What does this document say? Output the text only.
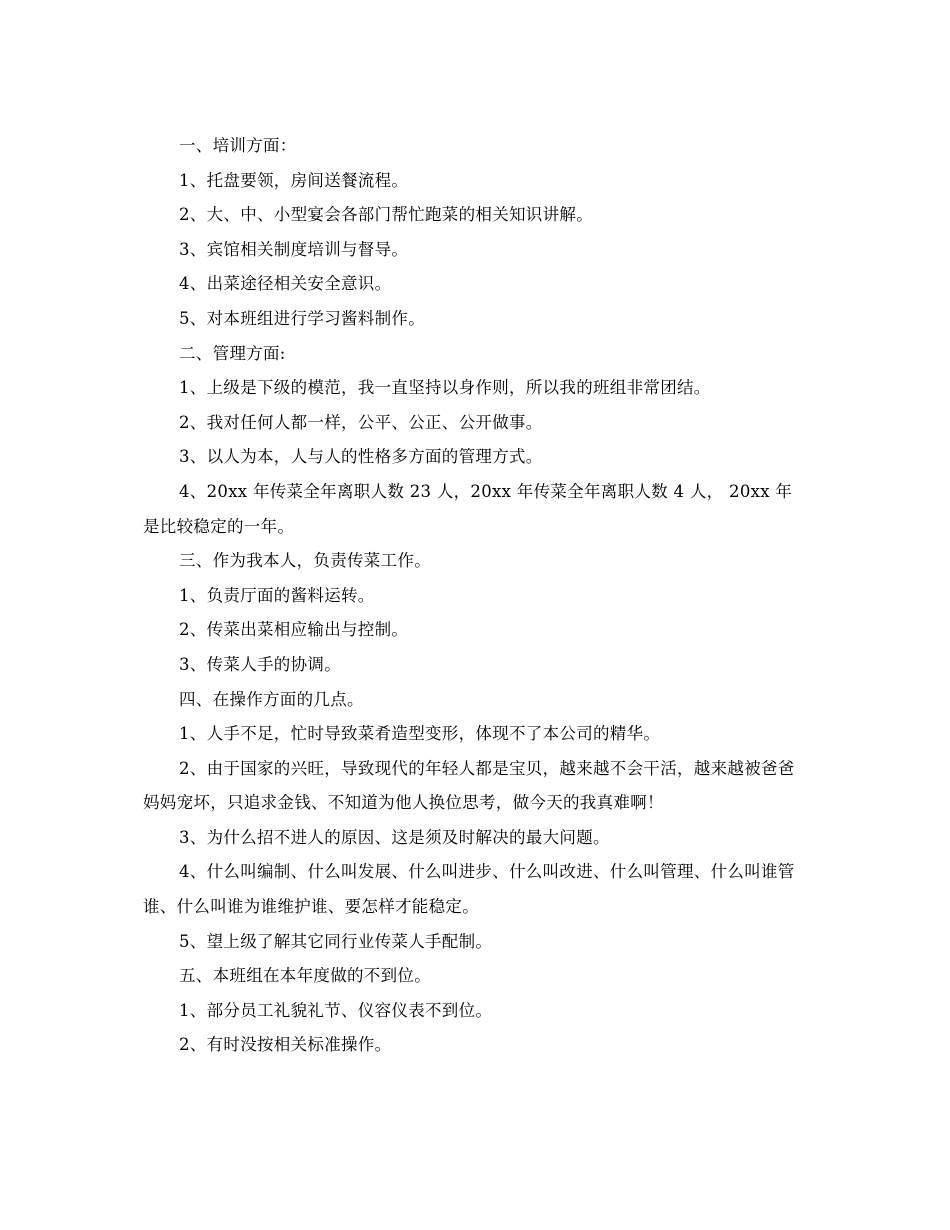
一、培训方面：

1、托盘要领，房间送餐流程。

2、大、中、小型宴会各部门帮忙跑菜的相关知识讲解。

3、宾馆相关制度培训与督导。

4、出菜途径相关安全意识。

5、对本班组进行学习酱料制作。

二、管理方面:

1、上级是下级的模范，我一直坚持以身作则，所以我的班组非常团结。

2、我对任何人都一样，公平、公正、公开做事。

3、以人为本，人与人的性格多方面的管理方式。

4、20xx 年传菜全年离职人数 23 人，20xx 年传菜全年离职人数 4 人， 20xx 年是比较稳定的一年。

三、作为我本人，负责传菜工作。

1、负责厅面的酱料运转。

2、传菜出菜相应输出与控制。

3、传菜人手的协调。

四、在操作方面的几点。

1、人手不足，忙时导致菜肴造型变形，体现不了本公司的精华。

2、由于国家的兴旺，导致现代的年轻人都是宝贝，越来越不会干活，越来越被爸爸妈妈宠坏，只追求金钱、不知道为他人换位思考，做今天的我真难啊！

3、为什么招不进人的原因、这是须及时解决的最大问题。

4、什么叫编制、什么叫发展、什么叫进步、什么叫改进、什么叫管理、什么叫谁管谁、什么叫谁为谁维护谁、要怎样才能稳定。

5、望上级了解其它同行业传菜人手配制。

五、本班组在本年度做的不到位。

1、部分员工礼貌礼节、仪容仪表不到位。

2、有时没按相关标准操作。
